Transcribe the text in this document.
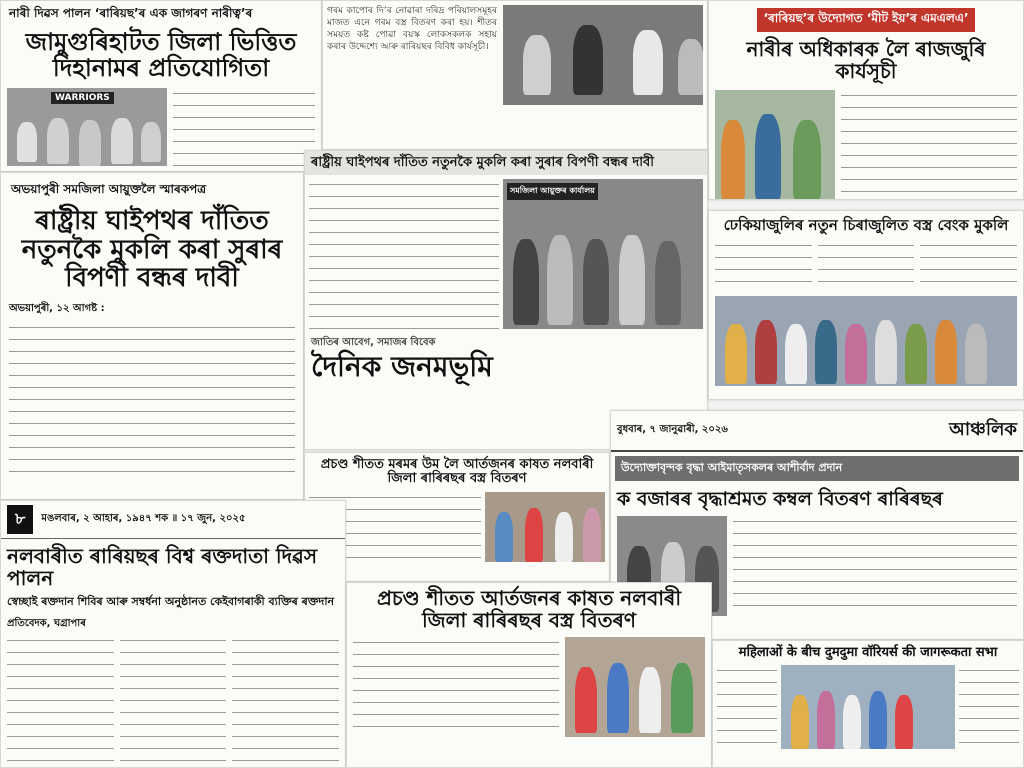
নাৰী দিৱস পালন ‘ৰাৰিয়ছ’ৰ এক জাগৰণ নাৰীত্ব’ৰ
জামুগুৰিহাটত জিলা ভিত্তিত দিহানামৰ প্ৰতিযোগিতা
WARRIORS
গৰম কাপোৰ দি’ৰ নোৱাৰা দৰিদ্ৰ পৰিয়ালসমূহৰ মাজত এনে গৰম বস্ত্ৰ বিতৰণ কৰা হয়। শীতৰ সময়ত কষ্ট পোৱা বয়স্ক লোকসকলক সহায় কৰাৰ উদ্দেশ্যে আৰু ৰাৰিয়ছৰ বিবিধ কাৰ্যসূচী।
‘ৰাৰিয়ছ’ৰ উদ্যোগত ‘মীট ইয়’ৰ এমএলএ’
নাৰীৰ অধিকাৰক লৈ ৰাজজুৰি কাৰ্যসূচী
অভয়াপুৰী সমজিলা আয়ুক্তলৈ স্মাৰকপত্ৰ
ৰাষ্ট্ৰীয় ঘাইপথৰ দাঁতিত নতুনকৈ মুকলি কৰা সুৰাৰ বিপণী বন্ধৰ দাবী
অভয়াপুৰী, ১২ আগষ্ট :
ৰাষ্ট্ৰীয় ঘাইপথৰ দাঁতিত নতুনকৈ মুকলি কৰা সুৰাৰ বিপণী বন্ধৰ দাবী
সমজিলা আয়ুক্তৰ কাৰ্যালয়
জাতিৰ আবেগ, সমাজৰ বিবেক
দৈনিক জনমভূমি
ঢেকিয়াজুলিৰ নতুন চিৰাজুলিত বস্ত্ৰ বেংক মুকলি
প্ৰচণ্ড শীতত মৰমৰ উম লৈ আৰ্তজনৰ কাষত নলবাৰী জিলা ৰাৰিৰছৰ বস্ত্ৰ বিতৰণ
বুধবাৰ, ৭ জানুৱাৰী, ২০২৬	আঞ্চলিক
উদ্যোক্তাবৃন্দক বৃদ্ধা আইমাতৃসকলৰ আশীৰ্বাদ প্ৰদান
ক বজাৰৰ বৃদ্ধাশ্ৰমত কম্বল বিতৰণ ৰাৰিৰছৰ
৮	মঙলবাৰ, ২ আহাৰ, ১৯৪৭ শক ॥ ১৭ জুন, ২০২৫
নলবাৰীত ৰাৰিয়ছৰ বিশ্ব ৰক্তদাতা দিৱস পালন
স্বেচ্ছাই ৰক্তদান শিবিৰ আৰু সম্বৰ্ধনা অনুষ্ঠানত কেইবাগৰাকী ব্যক্তিৰ ৰক্তদান
প্ৰতিবেদক, ঘগ্ৰাপাৰ
প্ৰচণ্ড শীতত আৰ্তজনৰ কাষত নলবাৰী জিলা ৰাৰিৰছৰ বস্ত্ৰ বিতৰণ
महिलाओं के बीच दुमदुमा वॉरियर्स की जागरूकता सभा
